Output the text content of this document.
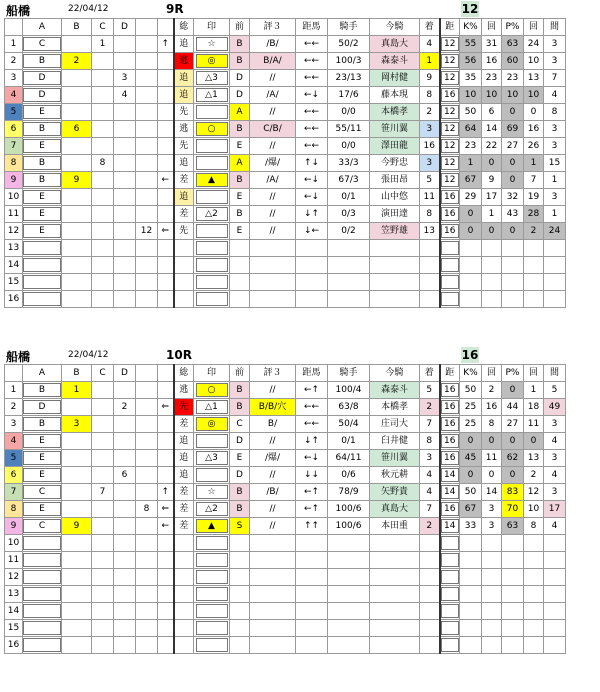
船橋	22/04/12	9R	12
	A	B	C	D			総	印	前	評３	距馬	騎手	今騎	着	距	K%	回	P%	回	間
1	C		1			↑	追	☆	B	/B/	←←	50/2	真島大	4	12	55	31	63	24	3
2	B	2					逃	◎	B	B/A/	←←	100/3	森泰斗	1	12	56	16	60	10	3
3	D			3			追	△3	D	//	←←	23/13	岡村健	9	12	35	23	23	13	7
4	D			4			追	△1	D	/A/	←↓	17/6	藤本現	8	16	10	10	10	10	4
5	E						先		A	//	←←	0/0	本橋孝	2	12	50	6	0	0	8
6	B	6					逃	○	B	C/B/	←←	55/11	笹川翼	3	12	64	14	69	16	3
7	E						先		E	//	←←	0/0	澤田龍	16	12	23	22	27	26	3
8	B		8				追		A	/爆/	↑↓	33/3	今野忠	3	12	1	0	0	1	15
9	B	9				←	差	▲	B	/A/	←↓	67/3	張田昂	5	12	67	9	0	7	1
10	E						追		E	//	←↓	0/1	山中悠	11	16	29	17	32	19	3
11	E						差	△2	B	//	↓↑	0/3	演田達	8	16	0	1	43	28	1
12	E				12	⇐	先		E	//	↓←	0/2	笠野雄	13	16	0	0	0	2	24
13																				
14																				
15																				
16																				
船橋	22/04/12	10R	16
	A	B	C	D			総	印	前	評３	距馬	騎手	今騎	着	距	K%	回	P%	回	間
1	B	1					逃	○	B	//	←↑	100/4	森泰斗	5	16	50	2	0	1	5
2	D			2		⇐	先	△1	B	B/B/穴	←←	63/8	本橋孝	2	16	25	16	44	18	49
3	B	3					差	◎	C	B/	←←	50/4	庄司大	7	16	25	8	27	11	3
4	E						追		D	//	↓↑	0/1	臼井健	8	16	0	0	0	0	4
5	E						追	△3	E	/爆/	←↓	64/11	笹川翼	3	16	45	11	62	13	3
6	E			6			追		D	//	↓↓	0/6	秋元耕	4	14	0	0	0	2	4
7	C		7			↑	差	☆	B	/B/	←↑	78/9	矢野貴	4	14	50	14	83	12	3
8	E				8	⇐	差	△2	B	//	←↑	100/6	真島大	7	16	67	3	70	10	17
9	C	9				←	差	▲	S	//	↑↑	100/6	本田重	2	14	33	3	63	8	4
10																				
11																				
12																				
13																				
14																				
15																				
16																				
